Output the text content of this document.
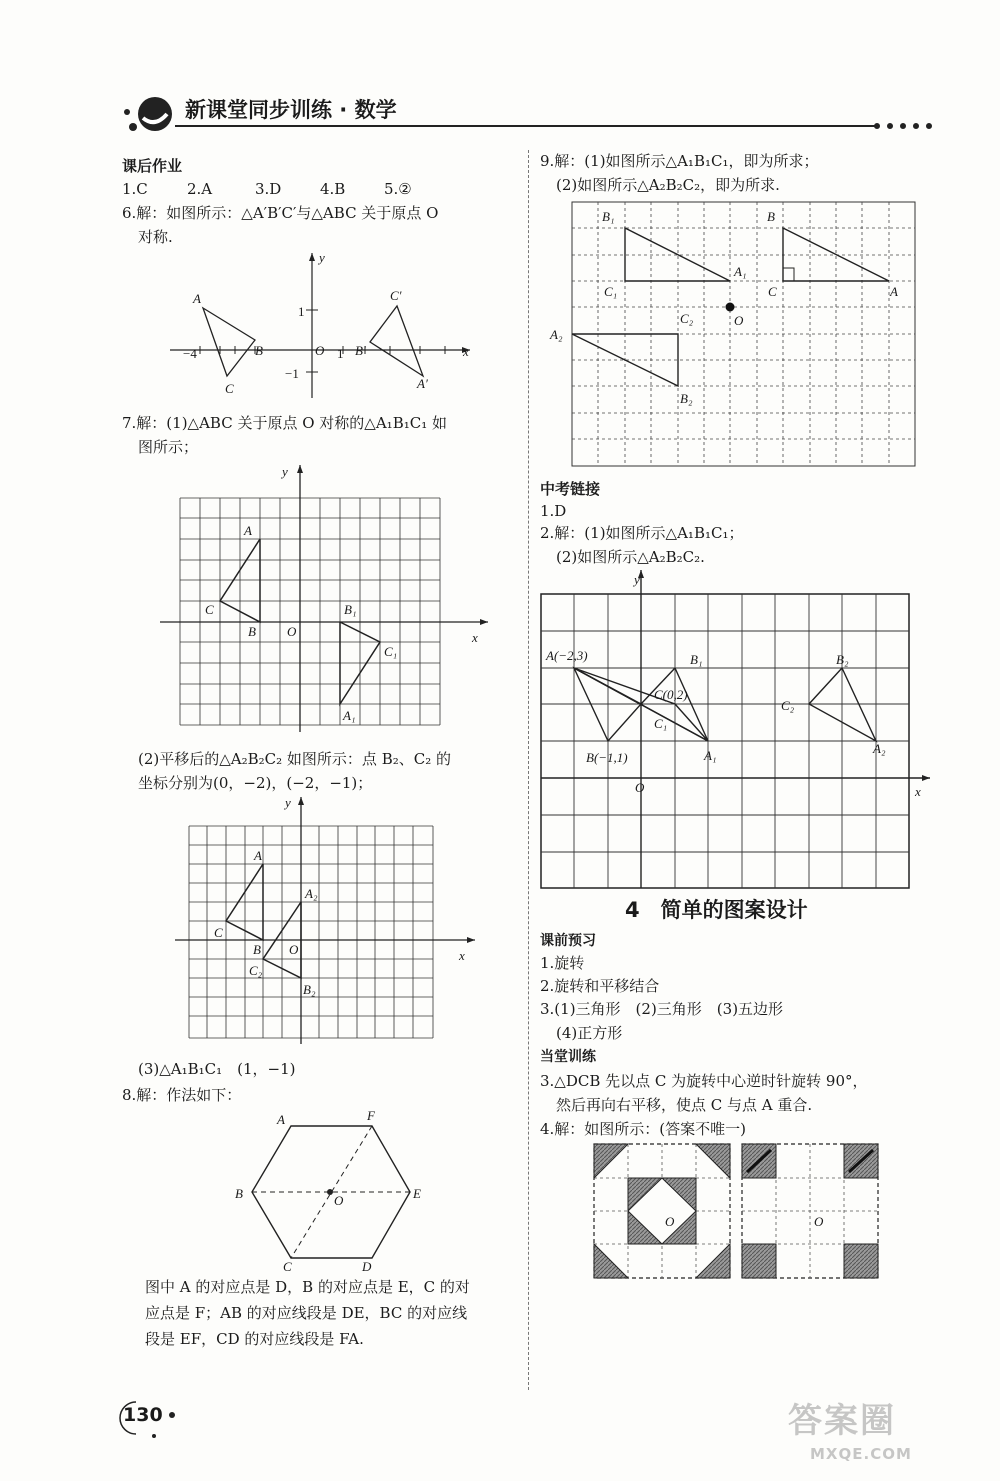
新课堂同步训练 · 数学
课后作业
1.C	2.A	3.D	4.B	5.②
6.解：如图所示：△A′B′C′与△ABC 关于原点 O
对称.
A
B
C
C′
B′
A′
−4	O 1
1
−1
x
y
7.解：(1)△ABC 关于原点 O 对称的△A₁B₁C₁ 如
图所示；
A
C
B O
B₁
C₁
A₁
x
y
(2)平移后的△A₂B₂C₂ 如图所示：点 B₂、C₂ 的
坐标分别为(0，−2)，(−2，−1)；
A
A₂
C
B
C₂
O
B₂
x
y
(3)△A₁B₁C₁　(1，−1)
8.解：作法如下：
A	F
B	O	E
C	D
图中 A 的对应点是 D，B 的对应点是 E，C 的对
应点是 F；AB 的对应线段是 DE，BC 的对应线
段是 EF，CD 的对应线段是 FA.
9.解：(1)如图所示△A₁B₁C₁，即为所求；
(2)如图所示△A₂B₂C₂，即为所求.
B₁
A₁
C₁
B
C	A
O
C₂
A₂
B₂
中考链接
1.D
2.解：(1)如图所示△A₁B₁C₁；
(2)如图所示△A₂B₂C₂.
A(−2,3)	B₁
C(0,2)
C₁
A₁
B(−1,1)
O
B₂
C₂
A₂
x
y
4　简单的图案设计
课前预习
1.旋转
2.旋转和平移结合
3.(1)三角形　(2)三角形　(3)五边形
(4)正方形
当堂训练
3.△DCB 先以点 C 为旋转中心逆时针旋转 90°，
然后再向右平移，使点 C 与点 A 重合.
4.解：如图所示：(答案不唯一)
O	O
130	答案圈
MXQE.COM
